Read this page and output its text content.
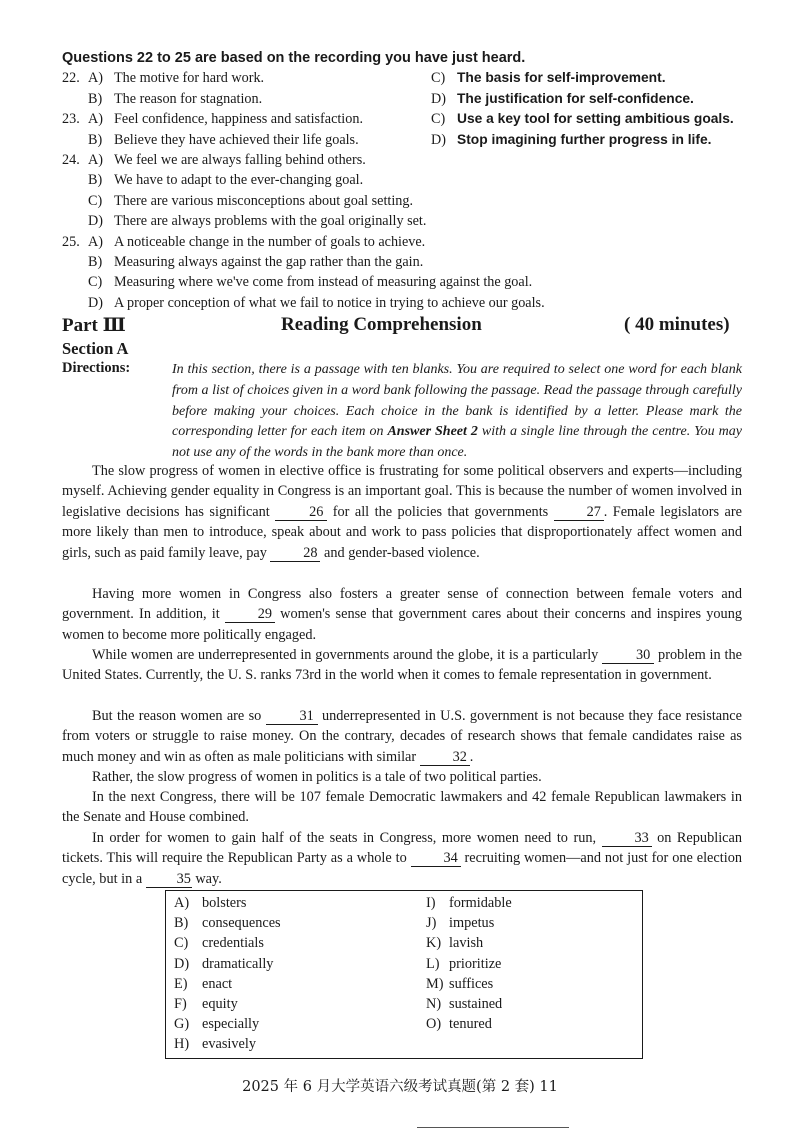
Questions 22 to 25 are based on the recording you have just heard.
22. A) The motive for hard work.	C) The basis for self-improvement.
B) The reason for stagnation.	D) The justification for self-confidence.
23. A) Feel confidence, happiness and satisfaction.	C) Use a key tool for setting ambitious goals.
B) Believe they have achieved their life goals.	D) Stop imagining further progress in life.
24. A) We feel we are always falling behind others.
B) We have to adapt to the ever-changing goal.
C) There are various misconceptions about goal setting.
D) There are always problems with the goal originally set.
25. A) A noticeable change in the number of goals to achieve.
B) Measuring always against the gap rather than the gain.
C) Measuring where we've come from instead of measuring against the goal.
D) A proper conception of what we fail to notice in trying to achieve our goals.
Part Ⅲ	Reading Comprehension	( 40 minutes)
Section A
Directions:	In this section, there is a passage with ten blanks. You are required to select one word for each blank from a list of choices given in a word bank following the passage. Read the passage through carefully before making your choices. Each choice in the bank is identified by a letter. Please mark the corresponding letter for each item on Answer Sheet 2 with a single line through the centre. You may not use any of the words in the bank more than once.
The slow progress of women in elective office is frustrating for some political observers and experts—including myself. Achieving gender equality in Congress is an important goal. This is because the number of women involved in legislative decisions has significant 26 for all the policies that governments 27 . Female legislators are more likely than men to introduce, speak about and work to pass policies that disproportionately affect women and girls, such as paid family leave, pay 28 and gender-based violence.
Having more women in Congress also fosters a greater sense of connection between female voters and government. In addition, it 29 women's sense that government cares about their concerns and inspires young women to become more politically engaged.
While women are underrepresented in governments around the globe, it is a particularly 30 problem in the United States. Currently, the U. S. ranks 73rd in the world when it comes to female representation in government.
But the reason women are so 31 underrepresented in U.S. government is not because they face resistance from voters or struggle to raise money. On the contrary, decades of research shows that female candidates raise as much money and win as often as male politicians with similar 32 .
Rather, the slow progress of women in politics is a tale of two political parties.
In the next Congress, there will be 107 female Democratic lawmakers and 42 female Republican lawmakers in the Senate and House combined.
In order for women to gain half of the seats in Congress, more women need to run, 33 on Republican tickets. This will require the Republican Party as a whole to 34 recruiting women—and not just for one election cycle, but in a 35 way.
A) bolsters
B) consequences
C) credentials
D) dramatically
E) enact
F) equity
G) especially
H) evasively
I) formidable
J) impetus
K) lavish
L) prioritize
M) suffices
N) sustained
O) tenured
2025 年 6 月大学英语六级考试真题(第 2 套) 11
